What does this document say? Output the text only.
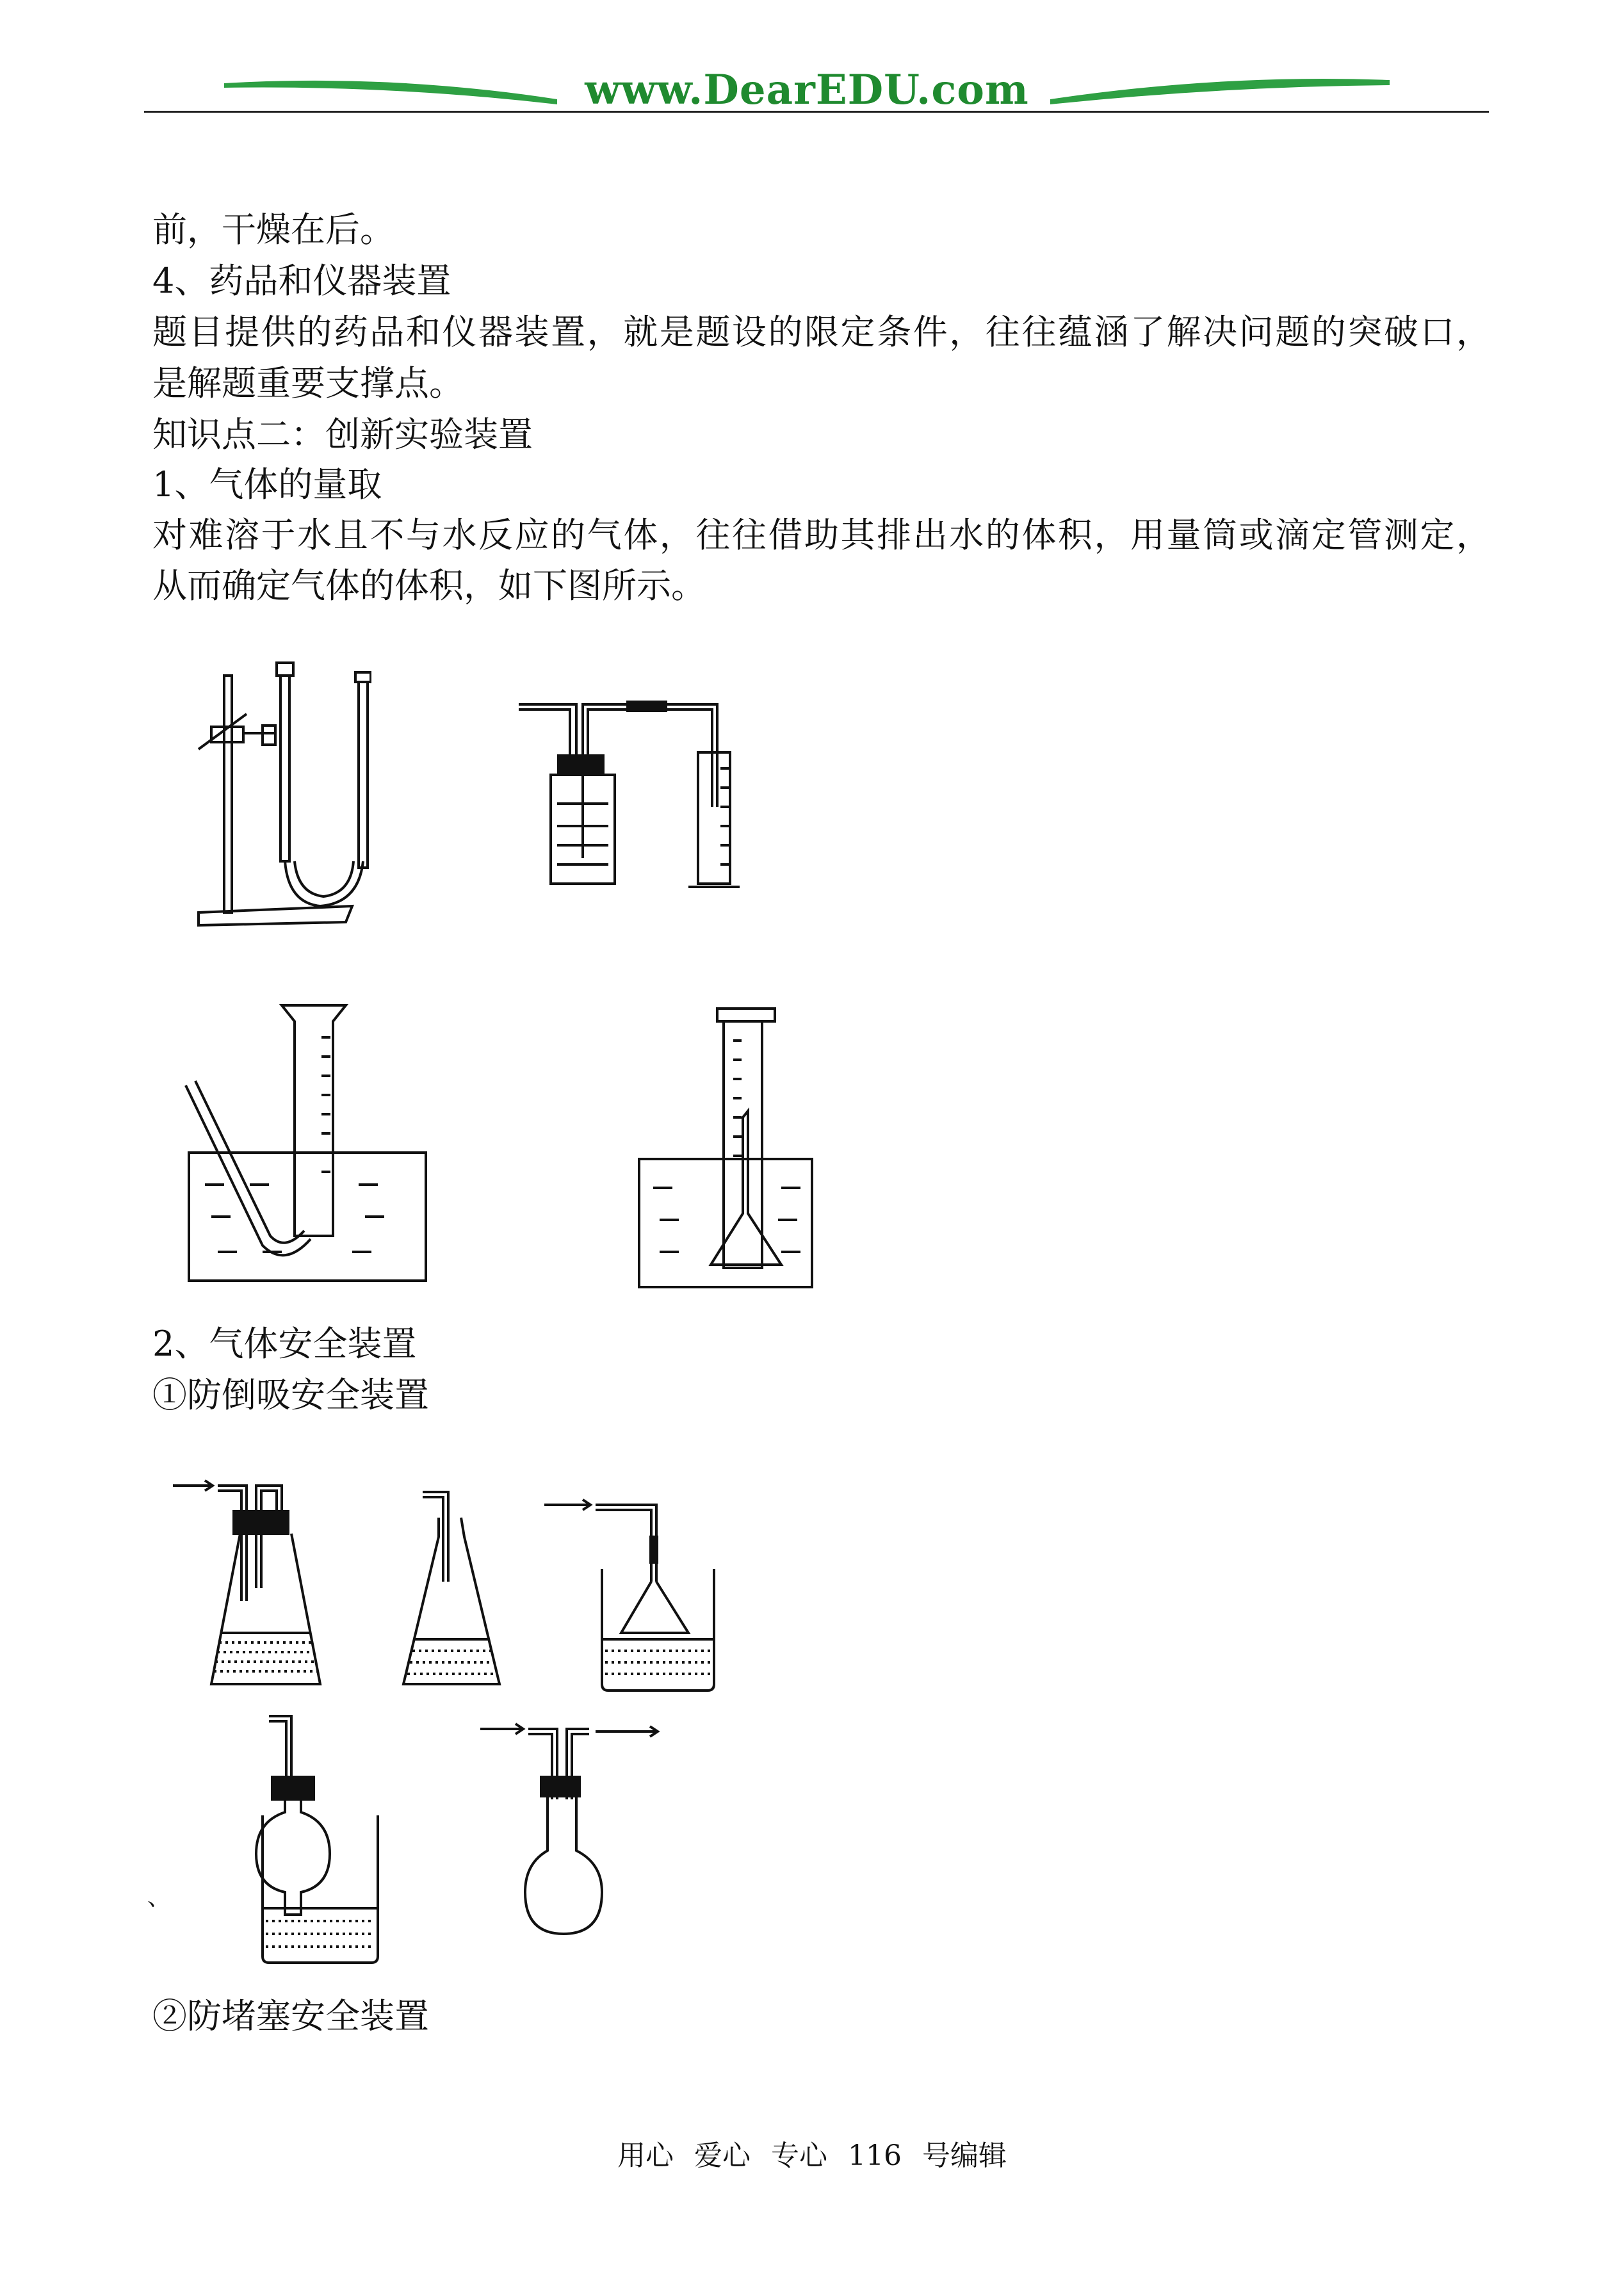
www.DearEDU.com
前，干燥在后。
4、药品和仪器装置
题目提供的药品和仪器装置，就是题设的限定条件，往往蕴涵了解决问题的突破口，
是解题重要支撑点。
知识点二：创新实验装置
1、气体的量取
对难溶于水且不与水反应的气体，往往借助其排出水的体积，用量筒或滴定管测定，
从而确定气体的体积，如下图所示。
2、气体安全装置
①防倒吸安全装置
、
②防堵塞安全装置
用心 爱心 专心 116 号编辑
